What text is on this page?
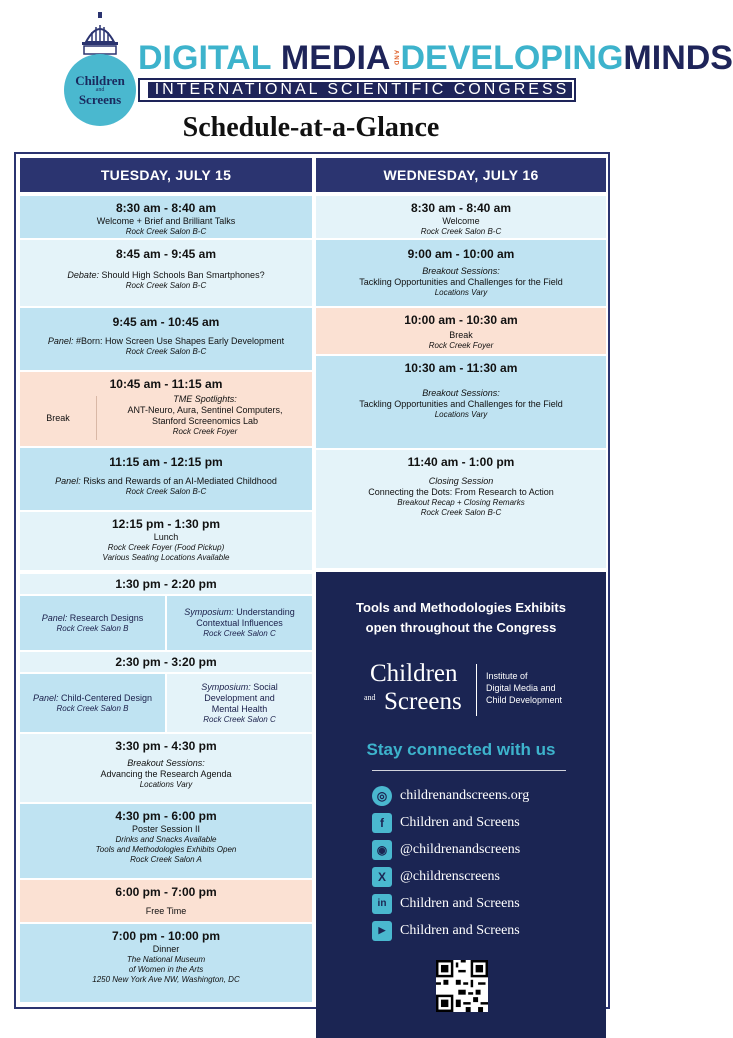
Children
and
Screens
DIGITAL
MEDIA AND DEVELOPING MINDS
INTERNATIONAL SCIENTIFIC CONGRESS
Schedule-at-a-Glance
TUESDAY, JULY 15
8:30 am - 8:40 am
Welcome + Brief and Brilliant Talks
Rock Creek Salon B-C
8:45 am - 9:45 am
Debate: Should High Schools Ban Smartphones?
Rock Creek Salon B-C
9:45 am - 10:45 am
Panel: #Born: How Screen Use Shapes Early Development
Rock Creek Salon B-C
10:45 am - 11:15 am
Break
TME Spotlights:
ANT-Neuro, Aura, Sentinel Computers,
Stanford Screenomics Lab
Rock Creek Foyer
11:15 am - 12:15 pm
Panel: Risks and Rewards of an AI-Mediated Childhood
Rock Creek Salon B-C
12:15 pm - 1:30 pm
Lunch
Rock Creek Foyer (Food Pickup)
Various Seating Locations Available
1:30 pm - 2:20 pm
Panel: Research Designs
Rock Creek Salon B
Symposium: Understanding
Contextual Influences
Rock Creek Salon C
2:30 pm - 3:20 pm
Panel: Child-Centered Design
Rock Creek Salon B
Symposium: Social
Development and
Mental Health
Rock Creek Salon C
3:30 pm - 4:30 pm
Breakout Sessions:
Advancing the Research Agenda
Locations Vary
4:30 pm - 6:00 pm
Poster Session II
Drinks and Snacks Available
Tools and Methodologies Exhibits Open
Rock Creek Salon A
6:00 pm - 7:00 pm
Free Time
7:00 pm - 10:00 pm
Dinner
The National Museum
of Women in the Arts
1250 New York Ave NW, Washington, DC
WEDNESDAY, JULY 16
8:30 am - 8:40 am
Welcome
Rock Creek Salon B-C
9:00 am - 10:00 am
Breakout Sessions:
Tackling Opportunities and Challenges for the Field
Locations Vary
10:00 am - 10:30 am
Break
Rock Creek Foyer
10:30 am - 11:30 am
Breakout Sessions:
Tackling Opportunities and Challenges for the Field
Locations Vary
11:40 am - 1:00 pm
Closing Session
Connecting the Dots: From Research to Action
Breakout Recap + Closing Remarks
Rock Creek Salon B-C
Tools and Methodologies Exhibits
open throughout the Congress
Children
and Screens
Institute of
Digital Media and
Child Development
Stay connected with us
◎ childrenandscreens.org
f	Children and Screens
◉ @childrenandscreens
X	@childrenscreens
in Children and Screens
▶	Children and Screens
